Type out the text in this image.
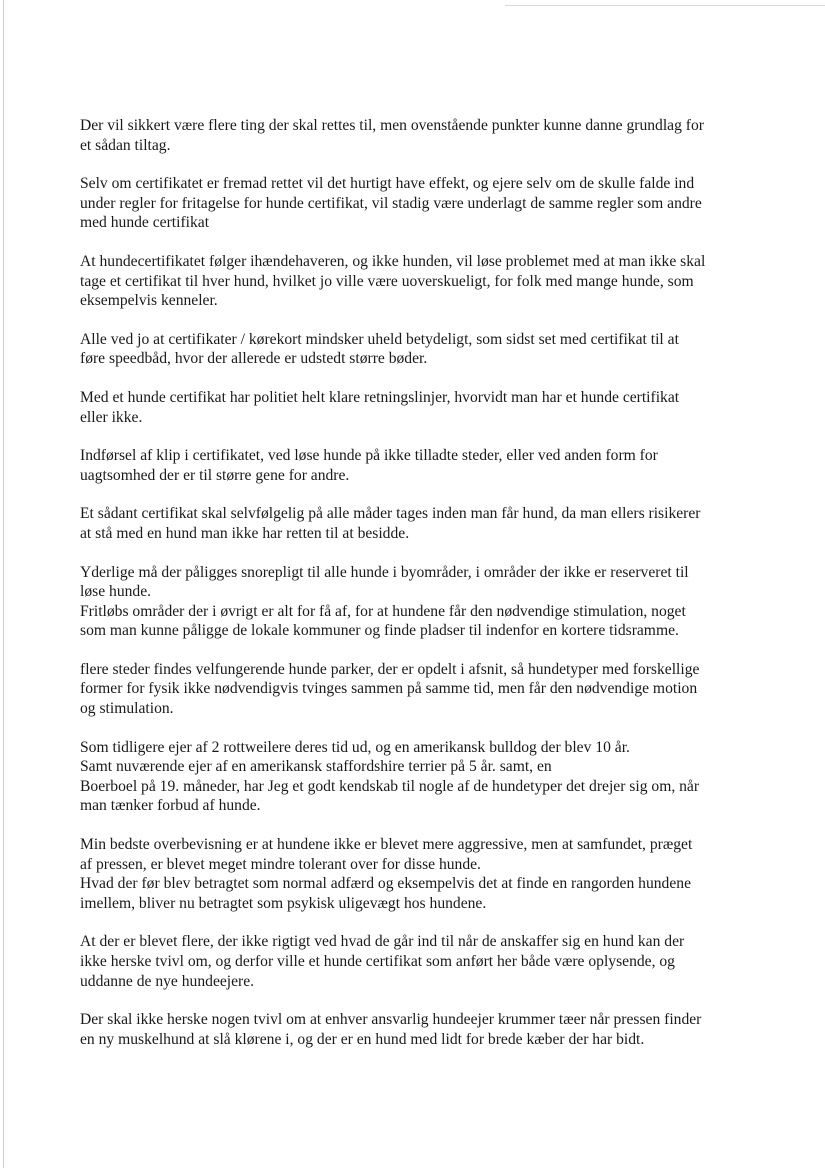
Der vil sikkert være flere ting der skal rettes til, men ovenstående punkter kunne danne grundlag for
et sådan tiltag.

Selv om certifikatet er fremad rettet vil det hurtigt have effekt, og ejere selv om de skulle falde ind
under regler for fritagelse for hunde certifikat, vil stadig være underlagt de samme regler som andre
med hunde certifikat

At hundecertifikatet følger ihændehaveren, og ikke hunden, vil løse problemet med at man ikke skal
tage et certifikat til hver hund, hvilket jo ville være uoverskueligt, for folk med mange hunde, som
eksempelvis kenneler.

Alle ved jo at certifikater / kørekort mindsker uheld betydeligt, som sidst set med certifikat til at
føre speedbåd, hvor der allerede er udstedt større bøder.

Med et hunde certifikat har politiet helt klare retningslinjer, hvorvidt man har et hunde certifikat
eller ikke.

Indførsel af klip i certifikatet, ved løse hunde på ikke tilladte steder, eller ved anden form for
uagtsomhed der er til større gene for andre.

Et sådant certifikat skal selvfølgelig på alle måder tages inden man får hund, da man ellers risikerer
at stå med en hund man ikke har retten til at besidde.

Yderlige må der påligges snorepligt til alle hunde i byområder, i områder der ikke er reserveret til
løse hunde.

Fritløbs områder der i øvrigt er alt for få af, for at hundene får den nødvendige stimulation, noget
som man kunne påligge de lokale kommuner og finde pladser til indenfor en kortere tidsramme.

flere steder findes velfungerende hunde parker, der er opdelt i afsnit, så hundetyper med forskellige
former for fysik ikke nødvendigvis tvinges sammen på samme tid, men får den nødvendige motion
og stimulation.

Som tidligere ejer af 2 rottweilere deres tid ud, og en amerikansk bulldog der blev 10 år.
Samt nuværende ejer af en amerikansk staffordshire terrier på 5 år. samt, en
Boerboel på 19. måneder, har Jeg et godt kendskab til nogle af de hundetyper det drejer sig om, når
man tænker forbud af hunde.

Min bedste overbevisning er at hundene ikke er blevet mere aggressive, men at samfundet, præget
af pressen, er blevet meget mindre tolerant over for disse hunde.

Hvad der før blev betragtet som normal adfærd og eksempelvis det at finde en rangorden hundene
imellem, bliver nu betragtet som psykisk uligevægt hos hundene.

At der er blevet flere, der ikke rigtigt ved hvad de går ind til når de anskaffer sig en hund kan der
ikke herske tvivl om, og derfor ville et hunde certifikat som anført her både være oplysende, og
uddanne de nye hundeejere.

Der skal ikke herske nogen tvivl om at enhver ansvarlig hundeejer krummer tæer når pressen finder
en ny muskelhund at slå klørene i, og der er en hund med lidt for brede kæber der har bidt.
